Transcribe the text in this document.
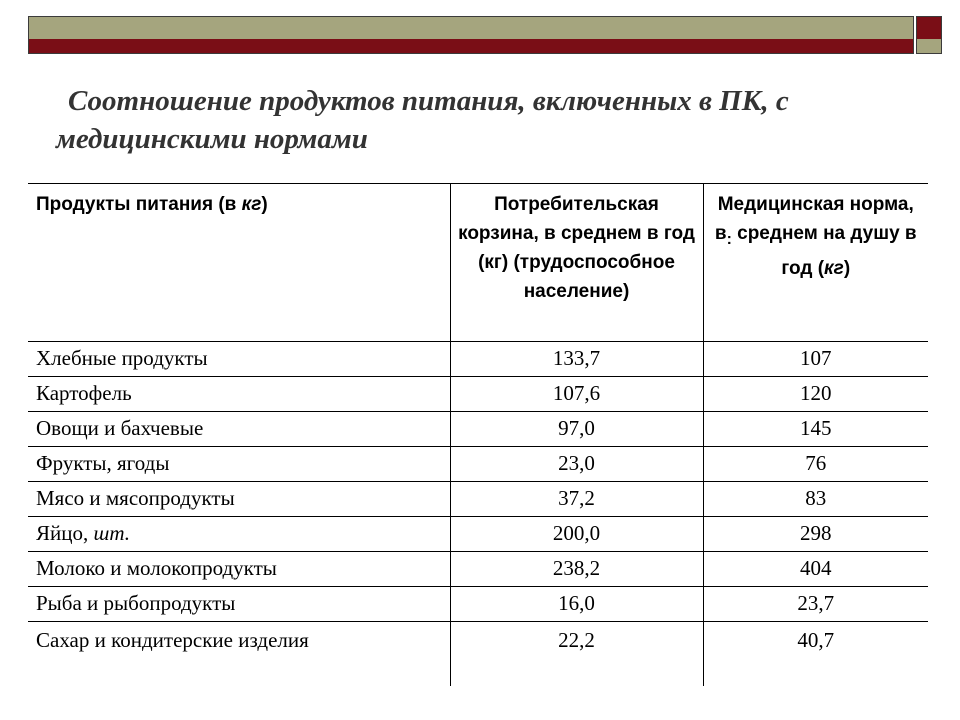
Соотношение продуктов питания, включенных в ПК, с
медицинскими нормами
Продукты питания (в кг)	Потребительская корзина, в среднем в год (кг) (трудоспособное население)	Медицинская норма, $в_:$ среднем на душу в год (кг)
Хлебные продукты	133,7	107
Картофель	107,6	120
Овощи и бахчевые	97,0	145
Фрукты, ягоды	23,0	76
Мясо и мясопродукты	37,2	83
Яйцо, шт.	200,0	298
Молоко и молокопродукты	238,2	404
Рыба и рыбопродукты	16,0	23,7
Сахар и кондитерские изделия	22,2	40,7
